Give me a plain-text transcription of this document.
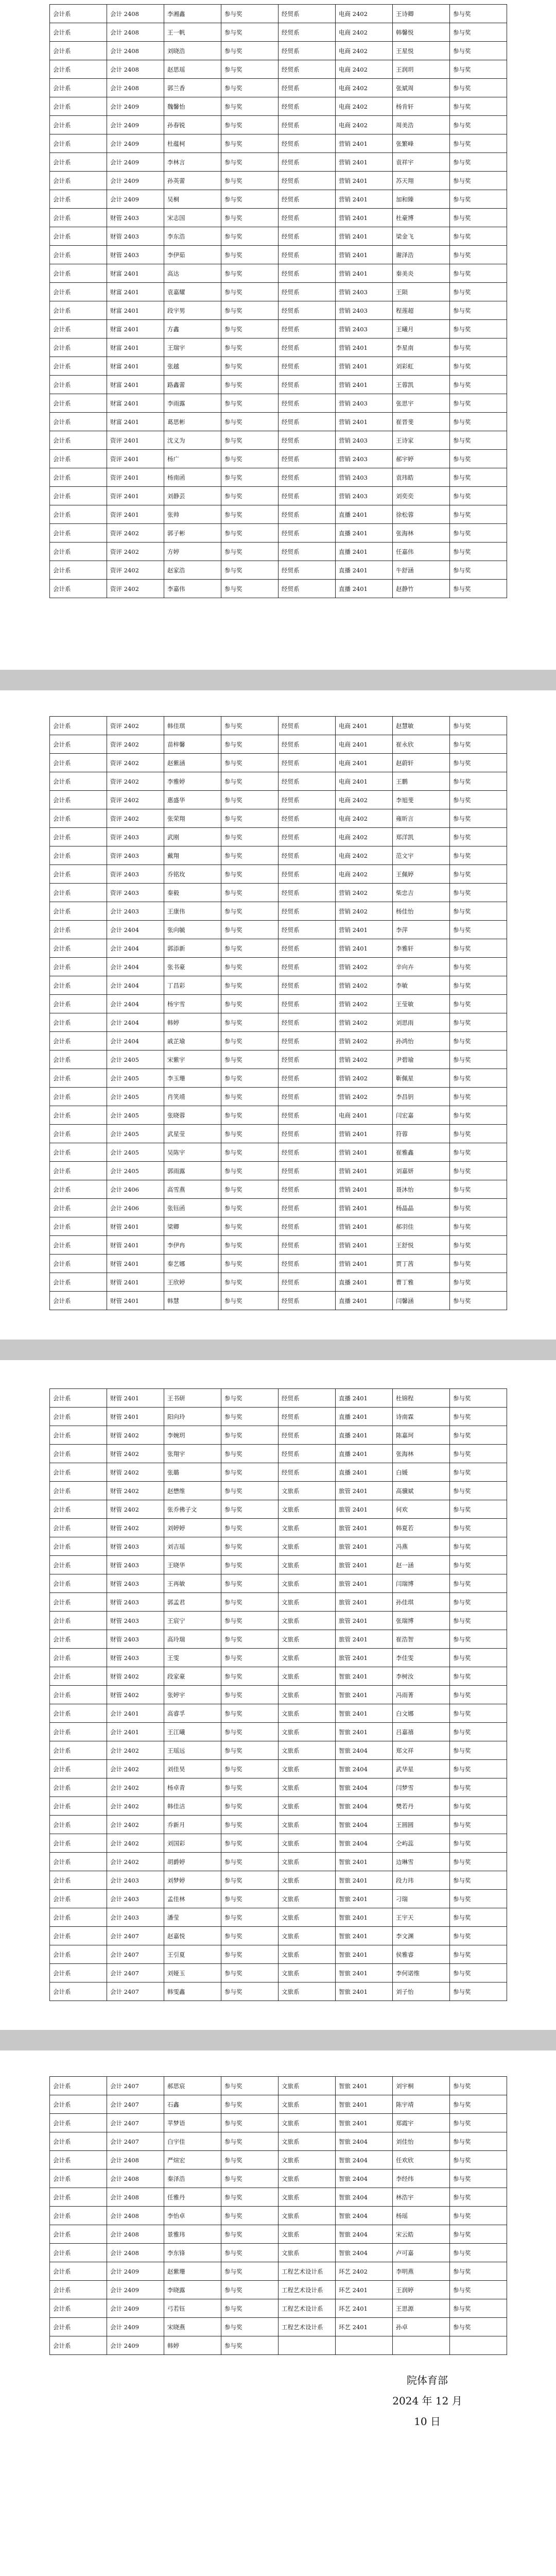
会计系	会计 2408	李湘鑫	参与奖	经贸系	电商 2402	王诗卿	参与奖
会计系	会计 2408	王一帆	参与奖	经贸系	电商 2402	韩馨悦	参与奖
会计系	会计 2408	刘晓浩	参与奖	经贸系	电商 2402	王星悦	参与奖
会计系	会计 2408	赵思瑶	参与奖	经贸系	电商 2402	王润玥	参与奖
会计系	会计 2408	郭兰香	参与奖	经贸系	电商 2402	张斌周	参与奖
会计系	会计 2409	魏馨怡	参与奖	经贸系	电商 2402	杨肯轩	参与奖
会计系	会计 2409	孙春锐	参与奖	经贸系	电商 2402	周美浩	参与奖
会计系	会计 2409	杜蕴柯	参与奖	经贸系	营销 2401	张繁峰	参与奖
会计系	会计 2409	李林言	参与奖	经贸系	营销 2401	袁祥宇	参与奖
会计系	会计 2409	孙英蕾	参与奖	经贸系	营销 2401	苏天翔	参与奖
会计系	会计 2409	吴桐	参与奖	经贸系	营销 2401	加和臻	参与奖
会计系	财管 2403	宋志国	参与奖	经贸系	营销 2401	杜豪博	参与奖
会计系	财管 2403	李东浩	参与奖	经贸系	营销 2401	梁金飞	参与奖
会计系	财管 2403	李伊茹	参与奖	经贸系	营销 2401	谢泽浩	参与奖
会计系	财富 2401	高达	参与奖	经贸系	营销 2401	秦美炎	参与奖
会计系	财富 2401	袁嘉耀	参与奖	经贸系	营销 2403	王陨	参与奖
会计系	财富 2401	段宇男	参与奖	经贸系	营销 2403	程莲超	参与奖
会计系	财富 2401	方鑫	参与奖	经贸系	营销 2403	王曦月	参与奖
会计系	财富 2401	王瑞宇	参与奖	经贸系	营销 2401	李星南	参与奖
会计系	财富 2401	张越	参与奖	经贸系	营销 2401	刘彩虹	参与奖
会计系	财富 2401	路鑫蕾	参与奖	经贸系	营销 2401	王蓉凯	参与奖
会计系	财富 2401	李雨露	参与奖	经贸系	营销 2403	张思宇	参与奖
会计系	财富 2401	葛思彬	参与奖	经贸系	营销 2401	崔晋斐	参与奖
会计系	资评 2401	沈义为	参与奖	经贸系	营销 2403	王诗家	参与奖
会计系	资评 2401	杨广	参与奖	经贸系	营销 2403	郝宇婷	参与奖
会计系	资评 2401	杨南函	参与奖	经贸系	营销 2403	袁玮皓	参与奖
会计系	资评 2401	刘静芸	参与奖	经贸系	营销 2403	刘奕奕	参与奖
会计系	资评 2401	张帅	参与奖	经贸系	直播 2401	徐松蓉	参与奖
会计系	资评 2402	郭子彬	参与奖	经贸系	直播 2401	张海林	参与奖
会计系	资评 2402	方婷	参与奖	经贸系	直播 2401	任嘉伟	参与奖
会计系	资评 2402	赵家浩	参与奖	经贸系	直播 2401	牛舒涵	参与奖
会计系	资评 2402	李嘉伟	参与奖	经贸系	直播 2401	赵静竹	参与奖
会计系	资评 2402	韩佳琪	参与奖	经贸系	电商 2401	赵慧敏	参与奖
会计系	资评 2402	苗梓馨	参与奖	经贸系	电商 2401	崔永欣	参与奖
会计系	资评 2402	赵紫涵	参与奖	经贸系	电商 2401	赵蔚轩	参与奖
会计系	资评 2402	李雅婷	参与奖	经贸系	电商 2401	王鹏	参与奖
会计系	资评 2402	惠盛华	参与奖	经贸系	电商 2402	李旭斐	参与奖
会计系	资评 2402	张荣翔	参与奖	经贸系	电商 2402	雍昕言	参与奖
会计系	资评 2403	武刚	参与奖	经贸系	电商 2402	郑洋凯	参与奖
会计系	资评 2403	戴翔	参与奖	经贸系	电商 2402	范文宇	参与奖
会计系	资评 2403	乔铭玫	参与奖	经贸系	电商 2402	王佩婷	参与奖
会计系	资评 2403	秦毅	参与奖	经贸系	营销 2402	柴忠吉	参与奖
会计系	会计 2403	王康伟	参与奖	经贸系	营销 2402	杨佳怡	参与奖
会计系	会计 2404	张向毓	参与奖	经贸系	营销 2401	李萍	参与奖
会计系	会计 2404	郭添新	参与奖	经贸系	营销 2401	李雅轩	参与奖
会计系	会计 2404	张书豪	参与奖	经贸系	营销 2402	辛向卉	参与奖
会计系	会计 2404	丁昌彩	参与奖	经贸系	营销 2402	李敏	参与奖
会计系	会计 2404	杨宇雪	参与奖	经贸系	营销 2402	王莹敏	参与奖
会计系	会计 2404	韩婷	参与奖	经贸系	营销 2402	刘思雨	参与奖
会计系	会计 2404	戚芷瑜	参与奖	经贸系	营销 2402	孙鸿怡	参与奖
会计系	会计 2405	宋紫宇	参与奖	经贸系	营销 2402	尹碧瑜	参与奖
会计系	会计 2405	李玉珊	参与奖	经贸系	营销 2402	靳佩星	参与奖
会计系	会计 2405	肖笑靖	参与奖	经贸系	营销 2402	李昌钥	参与奖
会计系	会计 2405	张晓蓉	参与奖	经贸系	电商 2401	闫宏嘉	参与奖
会计系	会计 2405	武星莹	参与奖	经贸系	营销 2401	符蓉	参与奖
会计系	会计 2405	吴陈宇	参与奖	经贸系	营销 2401	崔雅鑫	参与奖
会计系	会计 2405	郭雨露	参与奖	经贸系	营销 2401	刘嘉妍	参与奖
会计系	会计 2406	高雪燕	参与奖	经贸系	营销 2401	聂沐怡	参与奖
会计系	会计 2406	张钰函	参与奖	经贸系	营销 2401	杨晶晶	参与奖
会计系	财管 2401	梁卿	参与奖	经贸系	营销 2401	郝羽佳	参与奖
会计系	财管 2401	李伊冉	参与奖	经贸系	营销 2401	王舒悦	参与奖
会计系	财管 2401	秦艺娜	参与奖	经贸系	营销 2401	贾丁茜	参与奖
会计系	财管 2401	王欣婷	参与奖	经贸系	直播 2401	曹丁雅	参与奖
会计系	财管 2401	韩慧	参与奖	经贸系	直播 2401	闫馨涵	参与奖
会计系	财管 2401	王书研	参与奖	经贸系	直播 2401	杜锦程	参与奖
会计系	财管 2401	阳向玲	参与奖	经贸系	直播 2401	诗南霖	参与奖
会计系	财管 2402	李婉玥	参与奖	经贸系	直播 2401	陈嘉珂	参与奖
会计系	财管 2402	张翔宇	参与奖	经贸系	直播 2401	张海林	参与奖
会计系	财管 2402	张璐	参与奖	经贸系	直播 2401	白媛	参与奖
会计系	财管 2402	赵懋维	参与奖	文旅系	旅管 2401	高骥斌	参与奖
会计系	财管 2402	张乔佛子文	参与奖	文旅系	旅管 2401	何欢	参与奖
会计系	财管 2402	刘婷婷	参与奖	文旅系	旅管 2401	韩夏若	参与奖
会计系	财管 2403	刘吉瑶	参与奖	文旅系	旅管 2401	冯燕	参与奖
会计系	财管 2403	王晓华	参与奖	文旅系	旅管 2401	赵一涵	参与奖
会计系	财管 2403	王再敏	参与奖	文旅系	旅管 2401	闫瑞博	参与奖
会计系	财管 2403	郭孟君	参与奖	文旅系	旅管 2401	孙佳琪	参与奖
会计系	财管 2403	王宸宁	参与奖	文旅系	旅管 2401	张瑞博	参与奖
会计系	财管 2403	高玲瑞	参与奖	文旅系	旅管 2401	崔浩智	参与奖
会计系	财管 2403	王雯	参与奖	文旅系	旅管 2401	李佳雯	参与奖
会计系	财管 2402	段家豪	参与奖	文旅系	智旅 2401	李树汝	参与奖
会计系	财管 2402	张婷宇	参与奖	文旅系	智旅 2401	冯雨菁	参与奖
会计系	会计 2401	高睿孚	参与奖	文旅系	智旅 2401	白文娜	参与奖
会计系	会计 2401	王江曦	参与奖	文旅系	智旅 2401	吕嘉禧	参与奖
会计系	会计 2402	王瑶远	参与奖	文旅系	智旅 2404	郑文祥	参与奖
会计系	会计 2402	刘佳昊	参与奖	文旅系	智旅 2404	武华星	参与奖
会计系	会计 2402	杨卓青	参与奖	文旅系	智旅 2404	闫梦雪	参与奖
会计系	会计 2402	韩佳洁	参与奖	文旅系	智旅 2404	樊若丹	参与奖
会计系	会计 2402	乔新月	参与奖	文旅系	智旅 2404	王圆圆	参与奖
会计系	会计 2402	刘国彩	参与奖	文旅系	智旅 2404	仝屿蕊	参与奖
会计系	会计 2402	胡爵婷	参与奖	文旅系	智旅 2401	边琳雪	参与奖
会计系	会计 2403	刘梦婷	参与奖	文旅系	智旅 2401	段力玮	参与奖
会计系	会计 2403	孟佳林	参与奖	文旅系	智旅 2401	刁瑞	参与奖
会计系	会计 2403	潘莹	参与奖	文旅系	智旅 2401	王宇天	参与奖
会计系	会计 2407	赵嘉悦	参与奖	文旅系	智旅 2401	李文渊	参与奖
会计系	会计 2407	王引夏	参与奖	文旅系	智旅 2401	侯雅睿	参与奖
会计系	会计 2407	刘娅玉	参与奖	文旅系	智旅 2401	李何诺维	参与奖
会计系	会计 2407	韩雯鑫	参与奖	文旅系	智旅 2401	刘子怡	参与奖
会计系	会计 2407	郝思宸	参与奖	文旅系	智旅 2401	刘宇桐	参与奖
会计系	会计 2407	石鑫	参与奖	文旅系	智旅 2401	陈宇靖	参与奖
会计系	会计 2407	苹梦语	参与奖	文旅系	智旅 2401	郑霞宇	参与奖
会计系	会计 2407	白宇佳	参与奖	文旅系	智旅 2404	刘佳怡	参与奖
会计系	会计 2408	严煊宏	参与奖	文旅系	智旅 2404	任欢欣	参与奖
会计系	会计 2408	秦泽浩	参与奖	文旅系	智旅 2404	李经纬	参与奖
会计系	会计 2408	任雅丹	参与奖	文旅系	智旅 2404	林浩宇	参与奖
会计系	会计 2408	李怡卓	参与奖	文旅系	智旅 2404	杨瑶	参与奖
会计系	会计 2408	景雅玮	参与奖	文旅系	智旅 2404	宋云皓	参与奖
会计系	会计 2408	李东锋	参与奖	文旅系	智旅 2404	卢可嘉	参与奖
会计系	会计 2409	赵紫珊	参与奖	工程艺术设计系	环艺 2402	李明燕	参与奖
会计系	会计 2409	李晓露	参与奖	工程艺术设计系	环艺 2401	王润婷	参与奖
会计系	会计 2409	弓若钰	参与奖	工程艺术设计系	环艺 2401	王思源	参与奖
会计系	会计 2409	宋晓燕	参与奖	工程艺术设计系	环艺 2401	孙卓	参与奖
会计系	会计 2409	韩婷	参与奖				
院体育部
2024 年 12 月 10 日
